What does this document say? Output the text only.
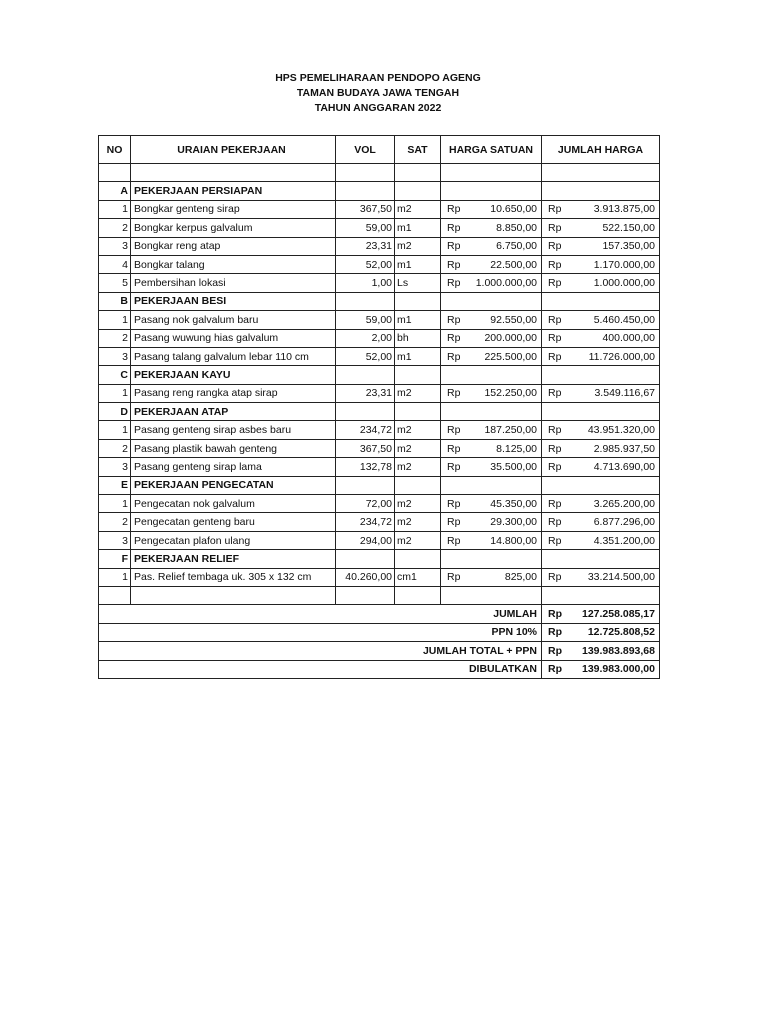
HPS PEMELIHARAAN PENDOPO AGENG
TAMAN BUDAYA JAWA TENGAH
TAHUN ANGGARAN 2022
NO	URAIAN PEKERJAAN	VOL	SAT	HARGA SATUAN	JUMLAH HARGA

A	PEKERJAAN PERSIAPAN				
1	Bongkar genteng sirap	367,50	m2	Rp 10.650,00	Rp 3.913.875,00

2	Bongkar kerpus galvalum	59,00	m1	Rp 8.850,00	Rp 522.150,00

3	Bongkar reng atap	23,31	m2	Rp 6.750,00	Rp 157.350,00

4	Bongkar talang	52,00	m1	Rp 22.500,00	Rp 1.170.000,00

5	Pembersihan lokasi	1,00	Ls	Rp 1.000.000,00	Rp 1.000.000,00

B	PEKERJAAN BESI				
1	Pasang nok galvalum baru	59,00	m1	Rp 92.550,00	Rp 5.460.450,00

2	Pasang wuwung hias galvalum	2,00	bh	Rp 200.000,00	Rp 400.000,00

3	Pasang talang galvalum lebar 110 cm	52,00	m1	Rp 225.500,00	Rp 11.726.000,00

C	PEKERJAAN KAYU				
1	Pasang reng rangka atap sirap	23,31	m2	Rp 152.250,00	Rp 3.549.116,67

D	PEKERJAAN ATAP				
1	Pasang genteng sirap asbes baru	234,72	m2	Rp 187.250,00	Rp 43.951.320,00

2	Pasang plastik bawah genteng	367,50	m2	Rp 8.125,00	Rp 2.985.937,50

3	Pasang genteng sirap lama	132,78	m2	Rp 35.500,00	Rp 4.713.690,00

E	PEKERJAAN PENGECATAN				
1	Pengecatan nok galvalum	72,00	m2	Rp 45.350,00	Rp 3.265.200,00

2	Pengecatan genteng baru	234,72	m2	Rp 29.300,00	Rp 6.877.296,00

3	Pengecatan plafon ulang	294,00	m2	Rp 14.800,00	Rp 4.351.200,00

F	PEKERJAAN RELIEF				
1	Pas. Relief tembaga uk. 305 x 132 cm	40.260,00	cm1	Rp 825,00	Rp 33.214.500,00

JUMLAH					Rp 127.258.085,17

PPN 10%					Rp 12.725.808,52

JUMLAH TOTAL + PPN					Rp 139.983.893,68

DIBULATKAN					Rp 139.983.000,00
